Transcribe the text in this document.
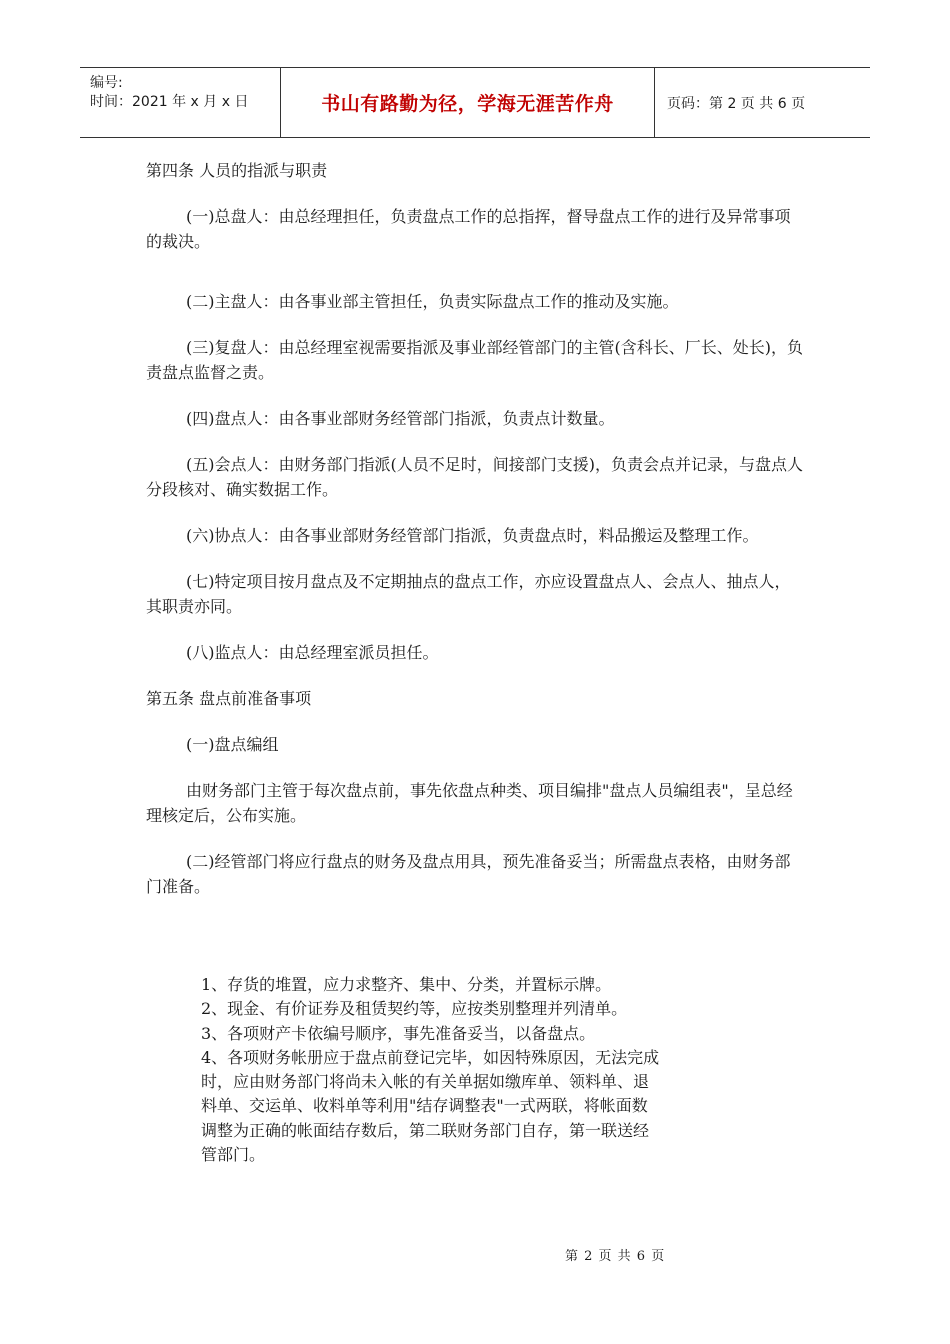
编号:
时间：2021 年 x 月 x 日	书山有路勤为径，学海无涯苦作舟	页码：第 2 页 共 6 页

第四条 人员的指派与职责

(一)总盘人：由总经理担任，负责盘点工作的总指挥，督导盘点工作的进行及异常事项的裁决。

(二)主盘人：由各事业部主管担任，负责实际盘点工作的推动及实施。

(三)复盘人：由总经理室视需要指派及事业部经管部门的主管(含科长、厂长、处长)，负责盘点监督之责。

(四)盘点人：由各事业部财务经管部门指派，负责点计数量。

(五)会点人：由财务部门指派(人员不足时，间接部门支援)，负责会点并记录，与盘点人分段核对、确实数据工作。

(六)协点人：由各事业部财务经管部门指派，负责盘点时，料品搬运及整理工作。

(七)特定项目按月盘点及不定期抽点的盘点工作，亦应设置盘点人、会点人、抽点人，其职责亦同。

(八)监点人：由总经理室派员担任。

第五条 盘点前准备事项

(一)盘点编组

由财务部门主管于每次盘点前，事先依盘点种类、项目编排"盘点人员编组表"，呈总经理核定后，公布实施。

(二)经管部门将应行盘点的财务及盘点用具，预先准备妥当；所需盘点表格，由财务部门准备。

1、存货的堆置，应力求整齐、集中、分类，并置标示牌。

2、现金、有价证券及租赁契约等，应按类别整理并列清单。

3、各项财产卡依编号顺序，事先准备妥当，以备盘点。

4、各项财务帐册应于盘点前登记完毕，如因特殊原因，无法完成

时，应由财务部门将尚未入帐的有关单据如缴库单、领料单、退

料单、交运单、收料单等利用"结存调整表"一式两联，将帐面数

调整为正确的帐面结存数后，第二联财务部门自存，第一联送经

管部门。

第 2 页 共 6 页
